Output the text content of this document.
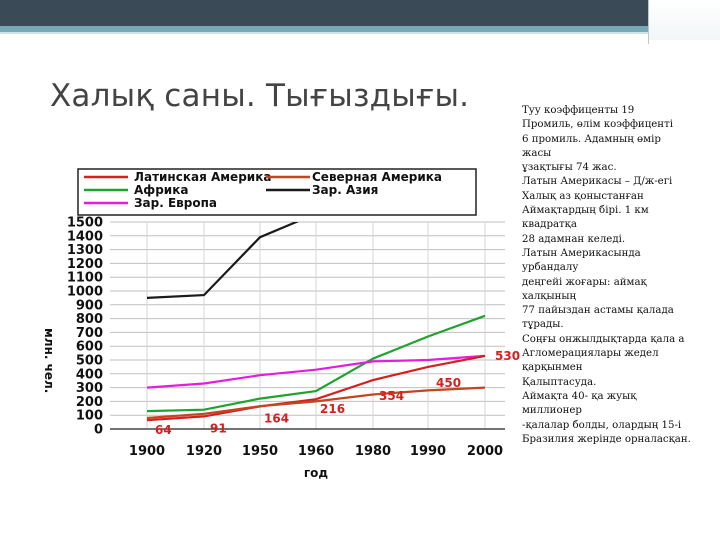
Халық саны. Тығыздығы.	Туу коэффиценты 19
Промиль, өлім коэффиценті
6 промиль. Адамның өмір
жасы
ұзақтығы 74 жас.
Латын Америкасы – Д/ж-егі
Халық аз қоныстанған
Аймақтардың бірі. 1 км
квадратқа
28 адамнан келеді.
Латын Америкасында
урбандалу
деңгейі жоғары: аймақ
халқының
77 пайыздан астамы қалада
тұрады.
Соңғы онжылдықтарда қала а
Агломерациялары жедел
қарқынмен
Қалыптасуда.
Аймақта 40- қа жуық
миллионер
-қалалар болды, олардың 15-і
Бразилия жерінде орналасқан.
Латинская Америка	Северная Америка
Африка	Зар. Азия
Зар. Европа
0
100
200
300
400
500
600
700
800
900
1000
1100
1200
1300
1400
1500
1900 1920 1950 1960 1980 1990 2000
64	91
164
216
354
450
530
млн. чел.
год
